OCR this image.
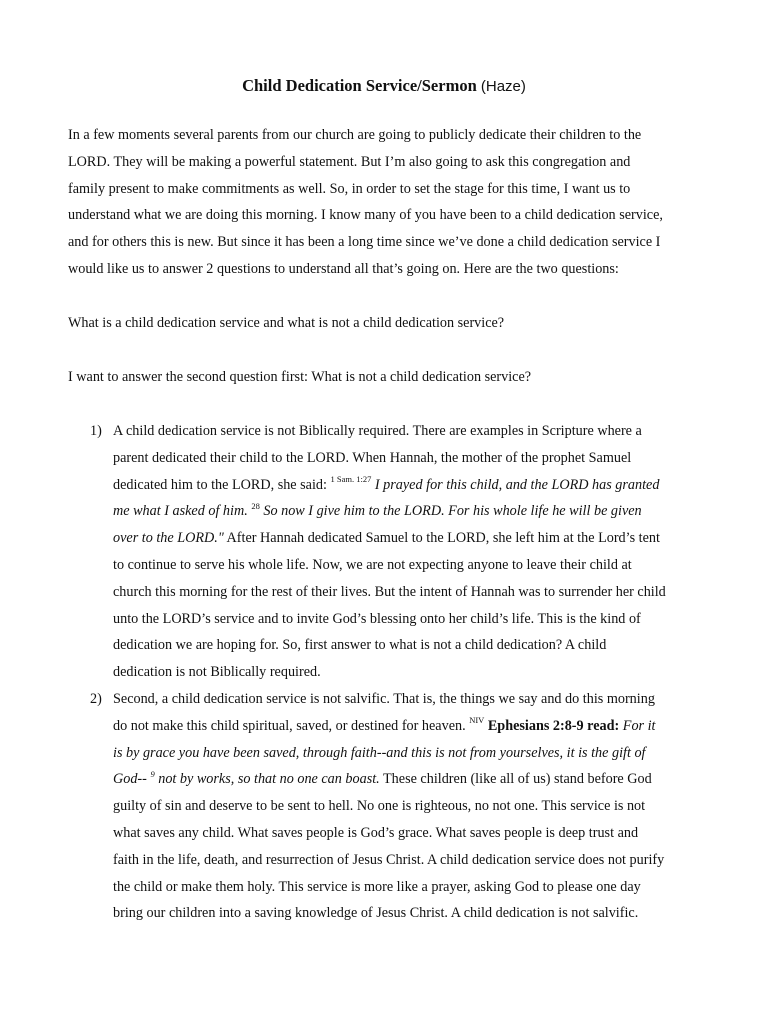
Child Dedication Service/Sermon (Haze)

In a few moments several parents from our church are going to publicly dedicate their children to the
LORD. They will be making a powerful statement. But I’m also going to ask this congregation and
family present to make commitments as well. So, in order to set the stage for this time, I want us to
understand what we are doing this morning. I know many of you have been to a child dedication service,
and for others this is new. But since it has been a long time since we’ve done a child dedication service I
would like us to answer 2 questions to understand all that’s going on. Here are the two questions:

What is a child dedication service and what is not a child dedication service?

I want to answer the second question first: What is not a child dedication service?

1) A child dedication service is not Biblically required. There are examples in Scripture where a
parent dedicated their child to the LORD. When Hannah, the mother of the prophet Samuel
dedicated him to the LORD, she said: $^{1 Sam. 1:27}$ I prayed for this child, and the LORD has granted
me what I asked of him. $^{28}$ So now I give him to the LORD. For his whole life he will be given
over to the LORD." After Hannah dedicated Samuel to the LORD, she left him at the Lord’s tent
to continue to serve his whole life. Now, we are not expecting anyone to leave their child at
church this morning for the rest of their lives. But the intent of Hannah was to surrender her child
unto the LORD’s service and to invite God’s blessing onto her child’s life. This is the kind of
dedication we are hoping for. So, first answer to what is not a child dedication? A child
dedication is not Biblically required.
2) Second, a child dedication service is not salvific. That is, the things we say and do this morning
do not make this child spiritual, saved, or destined for heaven. $^{NIV}$ Ephesians 2:8-9 read: For it
is by grace you have been saved, through faith--and this is not from yourselves, it is the gift of
God-- $^9$ not by works, so that no one can boast. These children (like all of us) stand before God
guilty of sin and deserve to be sent to hell. No one is righteous, no not one. This service is not
what saves any child. What saves people is God’s grace. What saves people is deep trust and
faith in the life, death, and resurrection of Jesus Christ. A child dedication service does not purify
the child or make them holy. This service is more like a prayer, asking God to please one day
bring our children into a saving knowledge of Jesus Christ. A child dedication is not salvific.
